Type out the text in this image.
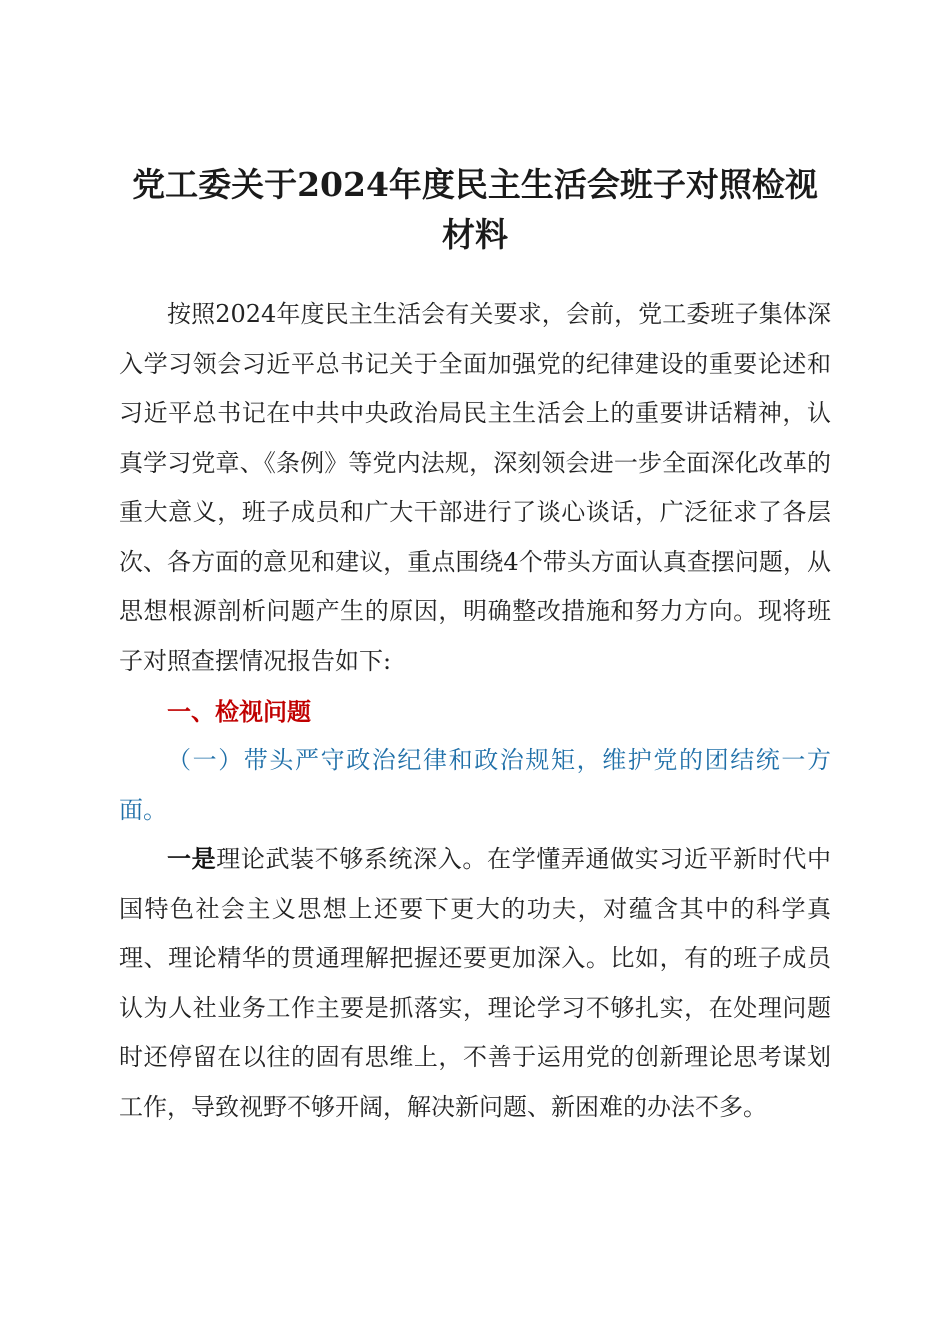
党工委关于2024年度民主生活会班子对照检视
材料

按照2024年度民主生活会有关要求，会前，党工委班子集体深入学习领会习近平总书记关于全面加强党的纪律建设的重要论述和习近平总书记在中共中央政治局民主生活会上的重要讲话精神，认真学习党章、《条例》等党内法规，深刻领会进一步全面深化改革的重大意义，班子成员和广大干部进行了谈心谈话，广泛征求了各层次、各方面的意见和建议，重点围绕4个带头方面认真查摆问题，从思想根源剖析问题产生的原因，明确整改措施和努力方向。现将班子对照查摆情况报告如下:

一、检视问题

（一）带头严守政治纪律和政治规矩，维护党的团结统一方面。

一是理论武装不够系统深入。在学懂弄通做实习近平新时代中国特色社会主义思想上还要下更大的功夫，对蕴含其中的科学真理、理论精华的贯通理解把握还要更加深入。比如，有的班子成员认为人社业务工作主要是抓落实，理论学习不够扎实，在处理问题时还停留在以往的固有思维上，不善于运用党的创新理论思考谋划工作，导致视野不够开阔，解决新问题、新困难的办法不多。
